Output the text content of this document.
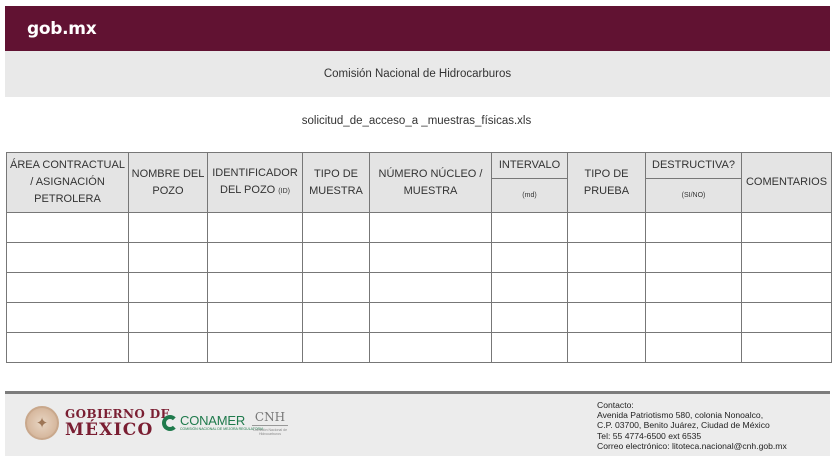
gob.mx
Comisión Nacional de Hidrocarburos
solicitud_de_acceso_a _muestras_físicas.xls
ÁREA CONTRACTUAL / ASIGNACIÓN PETROLERA	NOMBRE DEL POZO	IDENTIFICADOR DEL POZO (ID)	TIPO DE MUESTRA	NÚMERO NÚCLEO / MUESTRA	INTERVALO	TIPO DE PRUEBA	DESTRUCTIVA?	COMENTARIOS
					(md)		(SI/NO)	

✦
GOBIERNO DE
MÉXICO	CONAMER
COMISIÓN NACIONAL DE MEJORA REGULATORIA
CNH
Comisión Nacional de Hidrocarburos
Contacto:
Avenida Patriotismo 580, colonia Nonoalco,
C.P. 03700, Benito Juárez, Ciudad de México
Tel: 55 4774-6500 ext 6535
Correo electrónico: litoteca.nacional@cnh.gob.mx
